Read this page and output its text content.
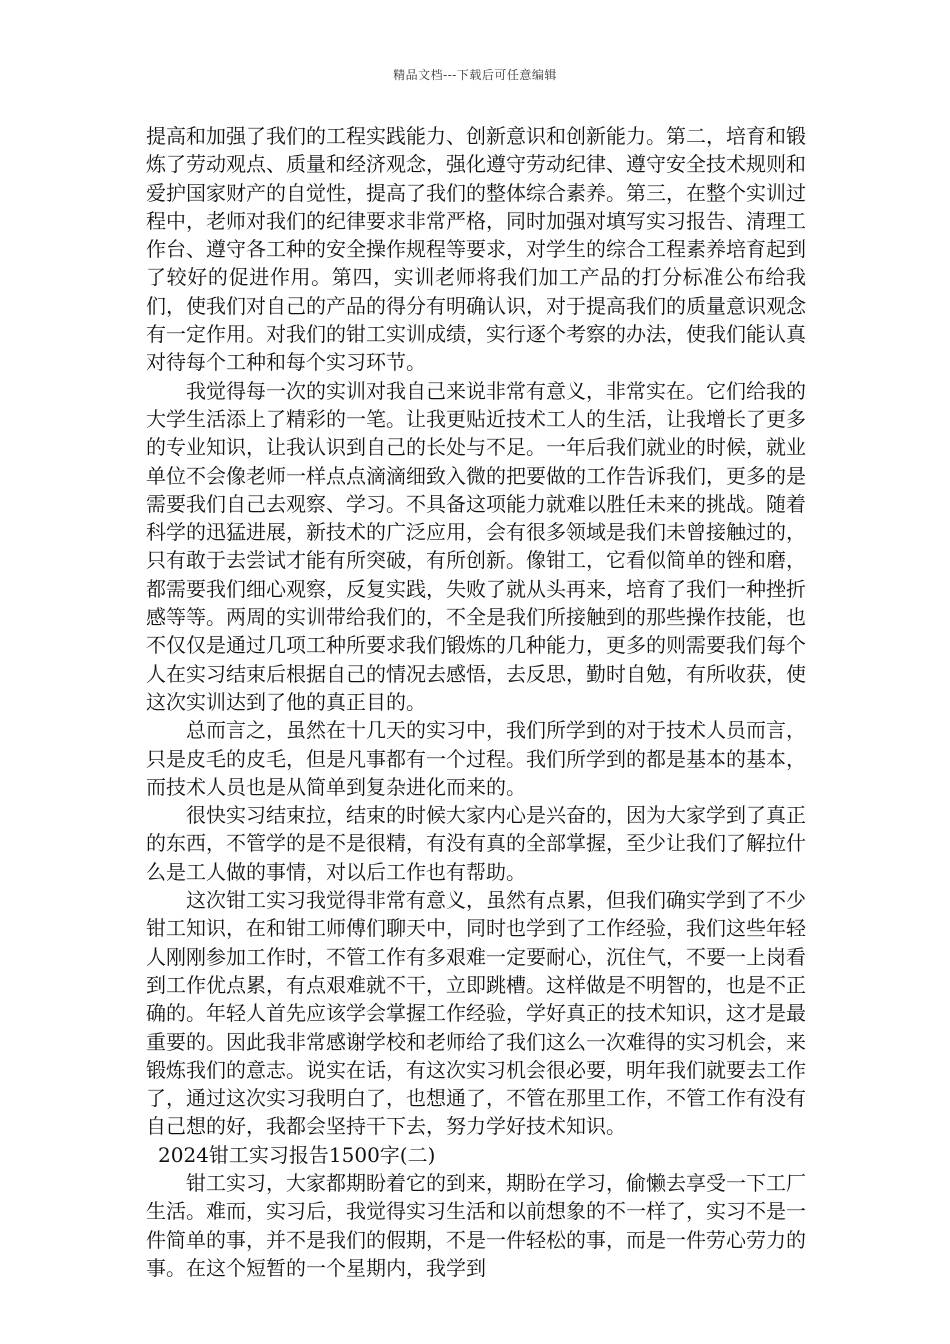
精品文档---下载后可任意编辑

提高和加强了我们的工程实践能力、创新意识和创新能力。第二，培育和锻炼了劳动观点、质量和经济观念，强化遵守劳动纪律、遵守安全技术规则和爱护国家财产的自觉性，提高了我们的整体综合素养。第三，在整个实训过程中，老师对我们的纪律要求非常严格，同时加强对填写实习报告、清理工作台、遵守各工种的安全操作规程等要求，对学生的综合工程素养培育起到了较好的促进作用。第四，实训老师将我们加工产品的打分标准公布给我们，使我们对自己的产品的得分有明确认识，对于提高我们的质量意识观念有一定作用。对我们的钳工实训成绩，实行逐个考察的办法，使我们能认真对待每个工种和每个实习环节。

我觉得每一次的实训对我自己来说非常有意义，非常实在。它们给我的大学生活添上了精彩的一笔。让我更贴近技术工人的生活，让我增长了更多的专业知识，让我认识到自己的长处与不足。一年后我们就业的时候，就业单位不会像老师一样点点滴滴细致入微的把要做的工作告诉我们，更多的是需要我们自己去观察、学习。不具备这项能力就难以胜任未来的挑战。随着科学的迅猛进展，新技术的广泛应用，会有很多领域是我们未曾接触过的，只有敢于去尝试才能有所突破，有所创新。像钳工，它看似简单的锉和磨，都需要我们细心观察，反复实践，失败了就从头再来，培育了我们一种挫折感等等。两周的实训带给我们的，不全是我们所接触到的那些操作技能，也不仅仅是通过几项工种所要求我们锻炼的几种能力，更多的则需要我们每个人在实习结束后根据自己的情况去感悟，去反思，勤时自勉，有所收获，使这次实训达到了他的真正目的。

总而言之，虽然在十几天的实习中，我们所学到的对于技术人员而言，只是皮毛的皮毛，但是凡事都有一个过程。我们所学到的都是基本的基本，而技术人员也是从简单到复杂进化而来的。

很快实习结束拉，结束的时候大家内心是兴奋的，因为大家学到了真正的东西，不管学的是不是很精，有没有真的全部掌握，至少让我们了解拉什么是工人做的事情，对以后工作也有帮助。

这次钳工实习我觉得非常有意义，虽然有点累，但我们确实学到了不少钳工知识，在和钳工师傅们聊天中，同时也学到了工作经验，我们这些年轻人刚刚参加工作时，不管工作有多艰难一定要耐心，沉住气，不要一上岗看到工作优点累，有点艰难就不干，立即跳槽。这样做是不明智的，也是不正确的。年轻人首先应该学会掌握工作经验，学好真正的技术知识，这才是最重要的。因此我非常感谢学校和老师给了我们这么一次难得的实习机会，来锻炼我们的意志。说实在话，有这次实习机会很必要，明年我们就要去工作了，通过这次实习我明白了，也想通了，不管在那里工作，不管工作有没有自己想的好，我都会坚持干下去，努力学好技术知识。

2024钳工实习报告1500字(二)

钳工实习，大家都期盼着它的到来，期盼在学习，偷懒去享受一下工厂生活。难而，实习后，我觉得实习生活和以前想象的不一样了，实习不是一件简单的事，并不是我们的假期，不是一件轻松的事，而是一件劳心劳力的事。在这个短暂的一个星期内，我学到
